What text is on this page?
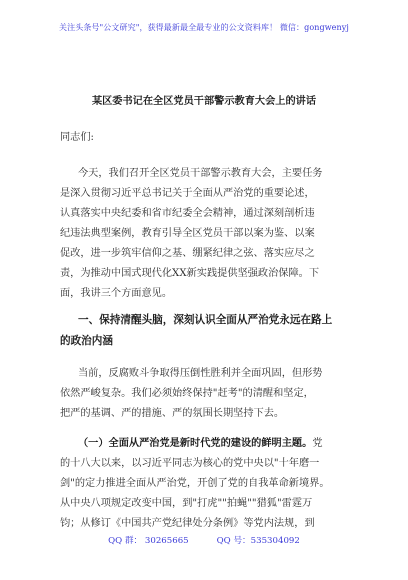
关注头条号"公文研究"，获得最新最全最专业的公文资料库！ 微信：gongwenyj
某区委书记在全区党员干部警示教育大会上的讲话
同志们:
今天，我们召开全区党员干部警示教育大会，主要任务
是深入贯彻习近平总书记关于全面从严治党的重要论述，
认真落实中央纪委和省市纪委全会精神，通过深刻剖析违
纪违法典型案例，教育引导全区党员干部以案为鉴、以案
促改，进一步筑牢信仰之基、绷紧纪律之弦、落实应尽之
责，为推动中国式现代化XX新实践提供坚强政治保障。下
面，我讲三个方面意见。
一、保持清醒头脑，深刻认识全面从严治党永远在路上
的政治内涵
当前，反腐败斗争取得压倒性胜利并全面巩固，但形势
依然严峻复杂。我们必须始终保持"赶考"的清醒和坚定，
把严的基调、严的措施、严的氛围长期坚持下去。
（一）全面从严治党是新时代党的建设的鲜明主题。党
的十八大以来，以习近平同志为核心的党中央以"十年磨一
剑"的定力推进全面从严治党，开创了党的自我革命新境界。
从中央八项规定改变中国，到"打虎""拍蝇""猎狐"雷霆万
钧；从修订《中国共产党纪律处分条例》等党内法规，到
QQ 群： 30265665	QQ 号：535304092
